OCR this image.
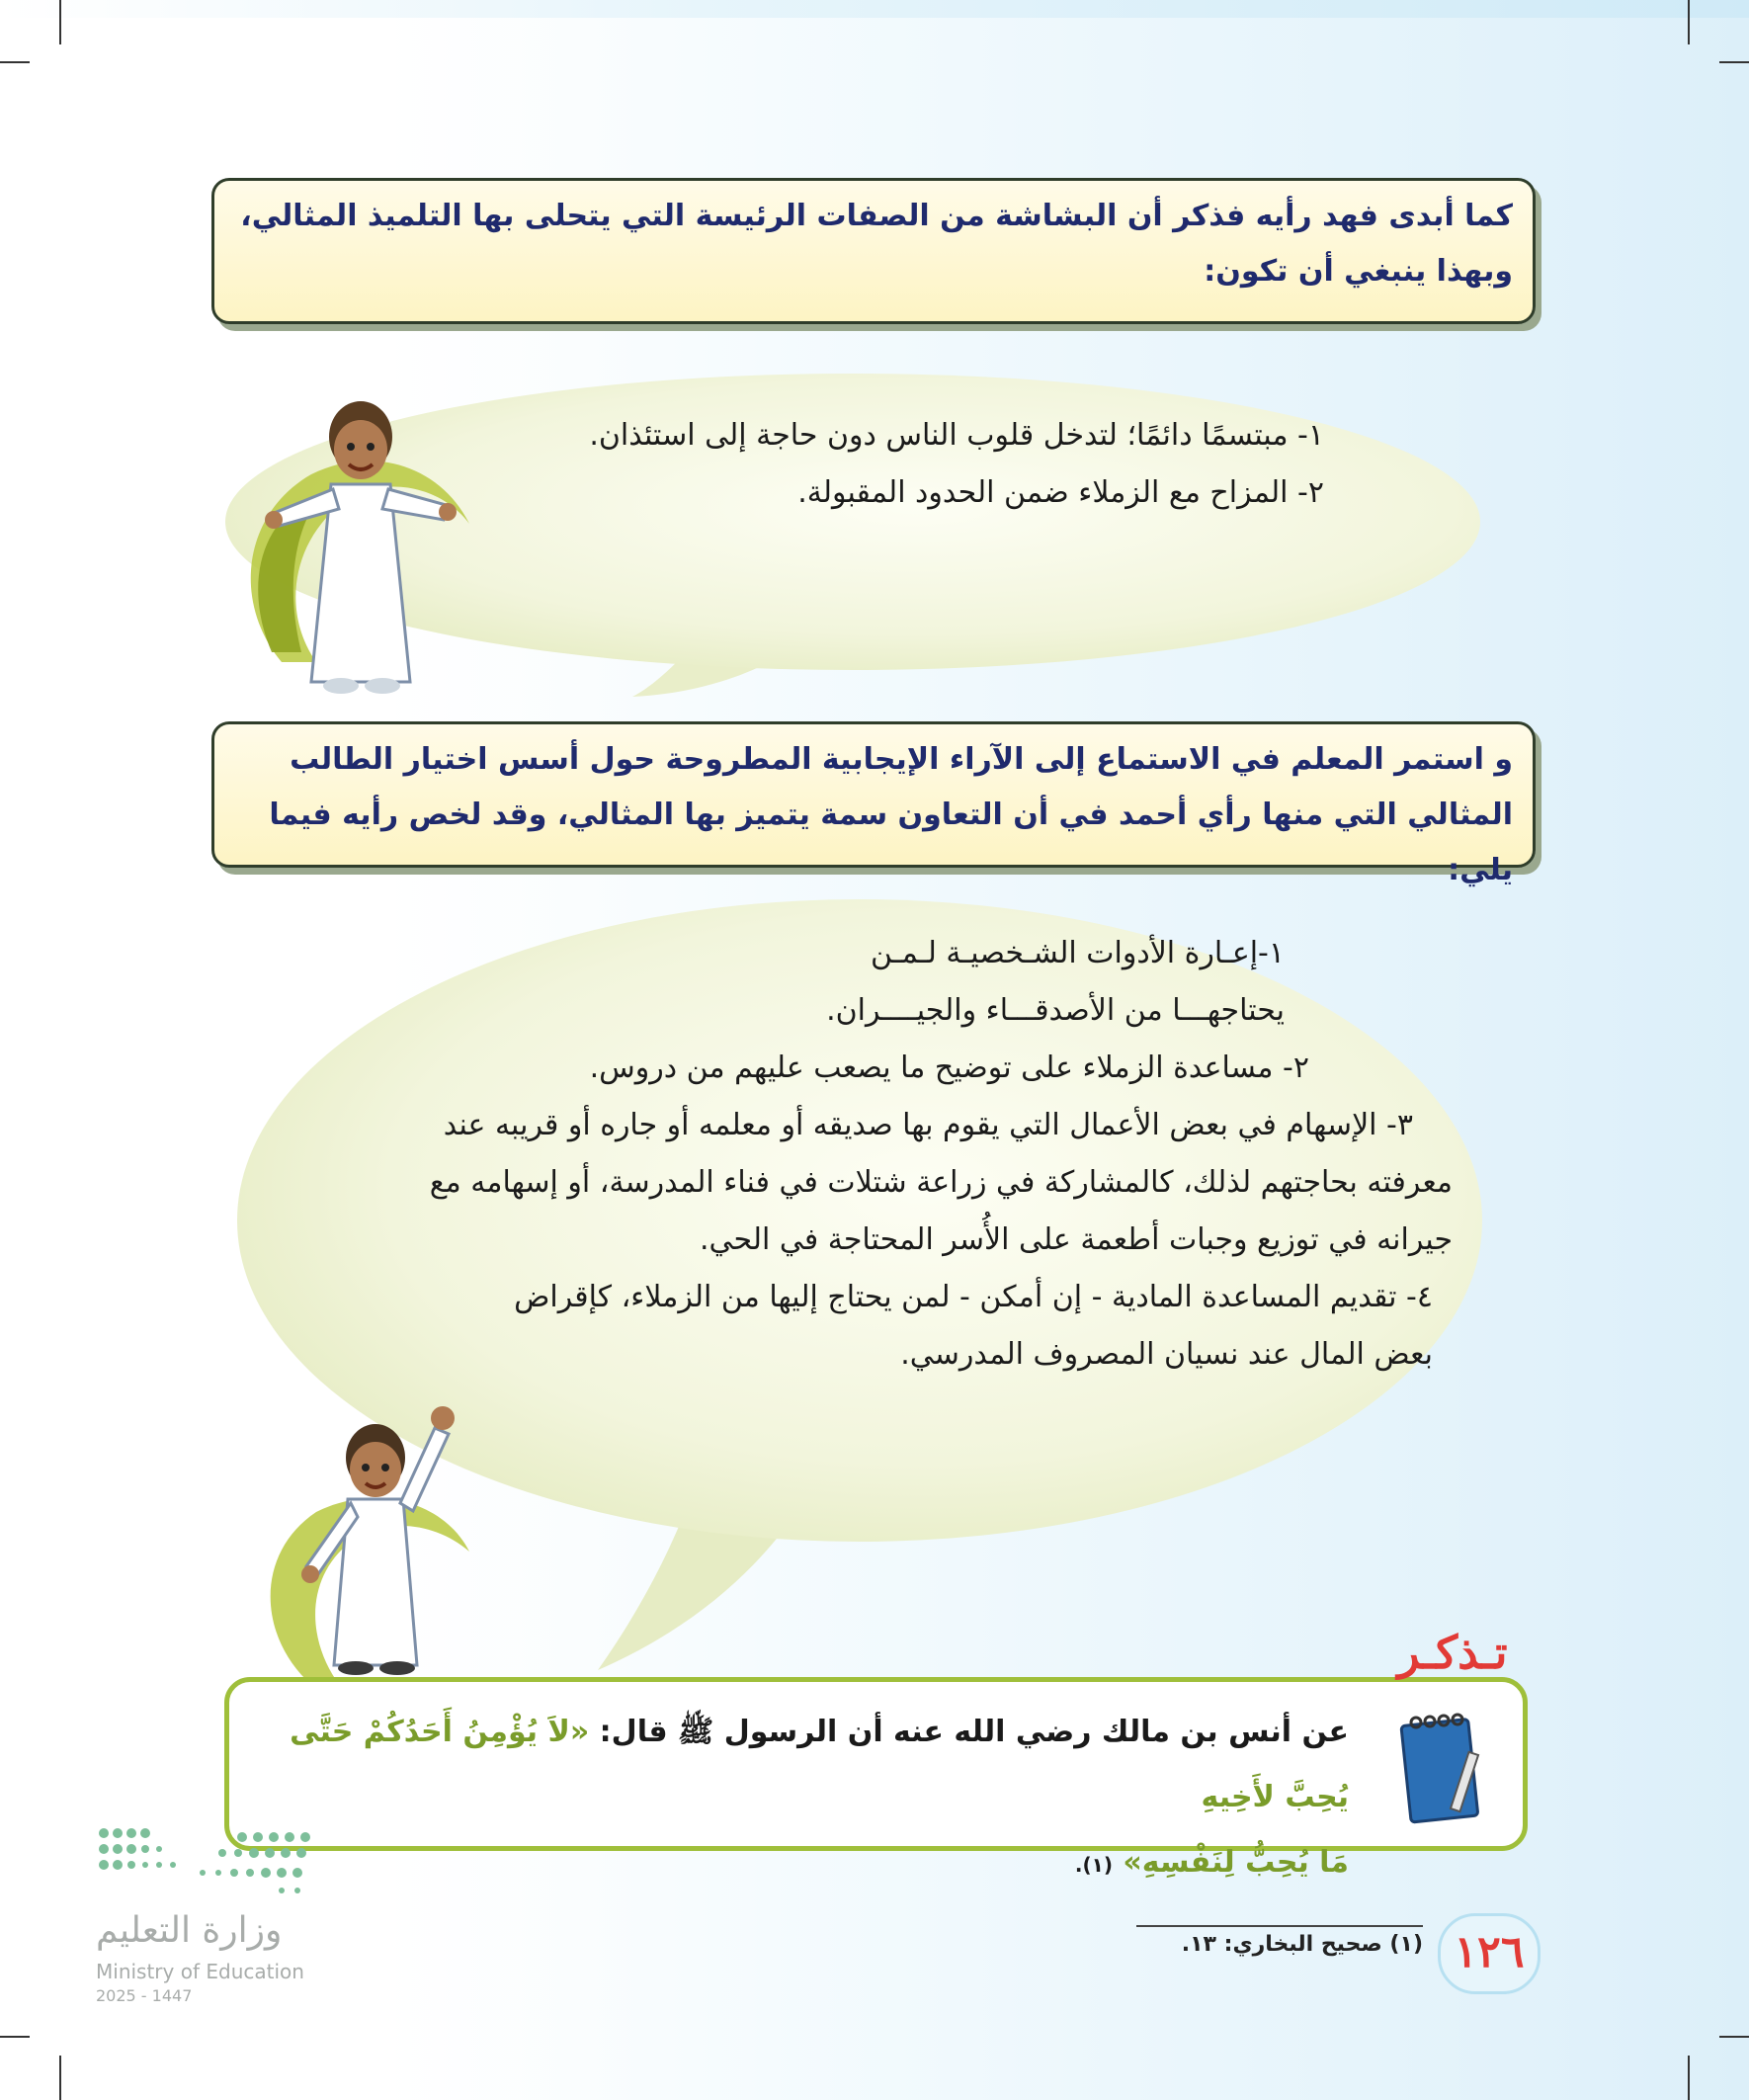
كما أبدى فهد رأيه فذكر أن البشاشة من الصفات الرئيسة التي يتحلى بها التلميذ المثالي، وبهذا ينبغي أن تكون:

١- مبتسمًا دائمًا؛ لتدخل قلوب الناس دون حاجة إلى استئذان.

٢- المزاح مع الزملاء ضمن الحدود المقبولة.

و استمر المعلم في الاستماع إلى الآراء الإيجابية المطروحة حول أسس اختيار الطالب المثالي التي منها رأي أحمد في أن التعاون سمة يتميز بها المثالي، وقد لخص رأيه فيما يلي:

١-إعـارة الأدوات الشـخصيـة لـمـن

يحتاجهـــا من الأصدقـــاء والجيــــران.

٢- مساعدة الزملاء على توضيح ما يصعب عليهم من دروس.

٣- الإسهام في بعض الأعمال التي يقوم بها صديقه أو معلمه أو جاره أو قريبه عند

معرفته بحاجتهم لذلك، كالمشاركة في زراعة شتلات في فناء المدرسة، أو إسهامه مع

جيرانه في توزيع وجبات أطعمة على الأُسر المحتاجة في الحي.

٤- تقديم المساعدة المادية - إن أمكن - لمن يحتاج إليها من الزملاء، كإقراض

بعض المال عند نسيان المصروف المدرسي.

تـذكـر
عن أنس بن مالك رضي الله عنه أن الرسول ﷺ قال: «لاَ يُؤْمِنُ أَحَدُكُمْ حَتَّى يُحِبَّ لأَخِيهِ
مَا يُحِبُّ لِنَفْسِهِ» (١).
(١) صحيح البخاري: ١٣. ١٢٦
وزارة التعليم
Ministry of Education
2025 - 1447
